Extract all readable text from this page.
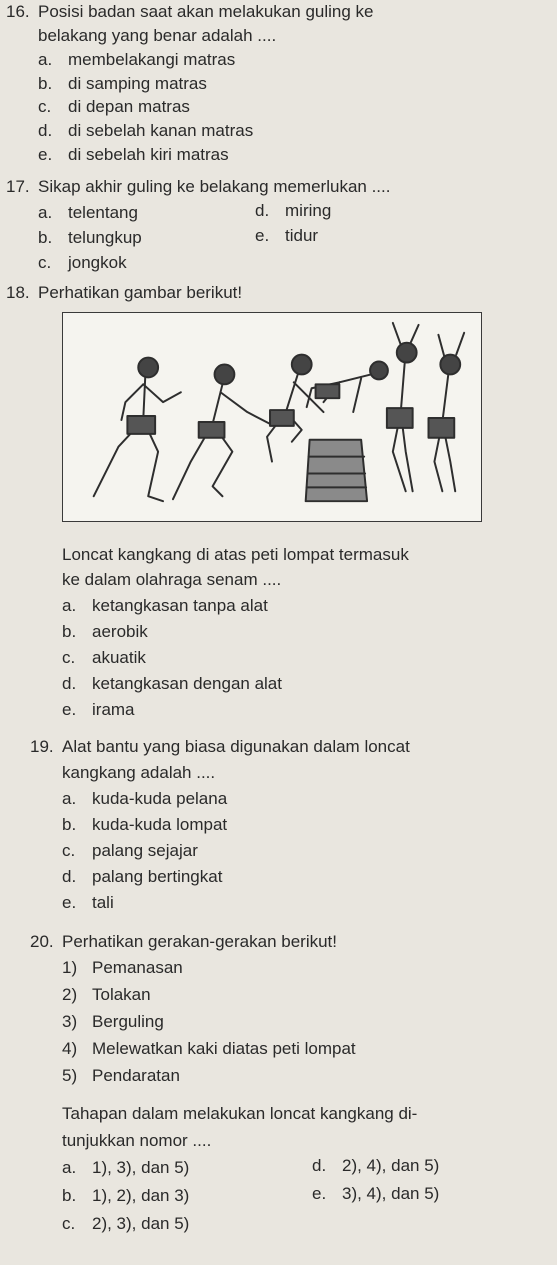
16. Posisi badan saat akan melakukan guling ke
belakang yang benar adalah ....
a. membelakangi matras
b. di samping matras
c. di depan matras
d. di sebelah kanan matras
e. di sebelah kiri matras
17. Sikap akhir guling ke belakang memerlukan ....
a. telentang	d. miring
b. telungkup	e. tidur
c. jongkok
18. Perhatikan gambar berikut!
Loncat kangkang di atas peti lompat termasuk
ke dalam olahraga senam ....
a. ketangkasan tanpa alat
b. aerobik
c. akuatik
d. ketangkasan dengan alat
e. irama
19. Alat bantu yang biasa digunakan dalam loncat
kangkang adalah ....
a. kuda-kuda pelana
b. kuda-kuda lompat
c. palang sejajar
d. palang bertingkat
e. tali
20. Perhatikan gerakan-gerakan berikut!
1) Pemanasan
2) Tolakan
3) Berguling
4) Melewatkan kaki diatas peti lompat
5) Pendaratan
Tahapan dalam melakukan loncat kangkang di-
tunjukkan nomor ....
a. 1), 3), dan 5)	d. 2), 4), dan 5)
b. 1), 2), dan 3)	e. 3), 4), dan 5)
c. 2), 3), dan 5)
